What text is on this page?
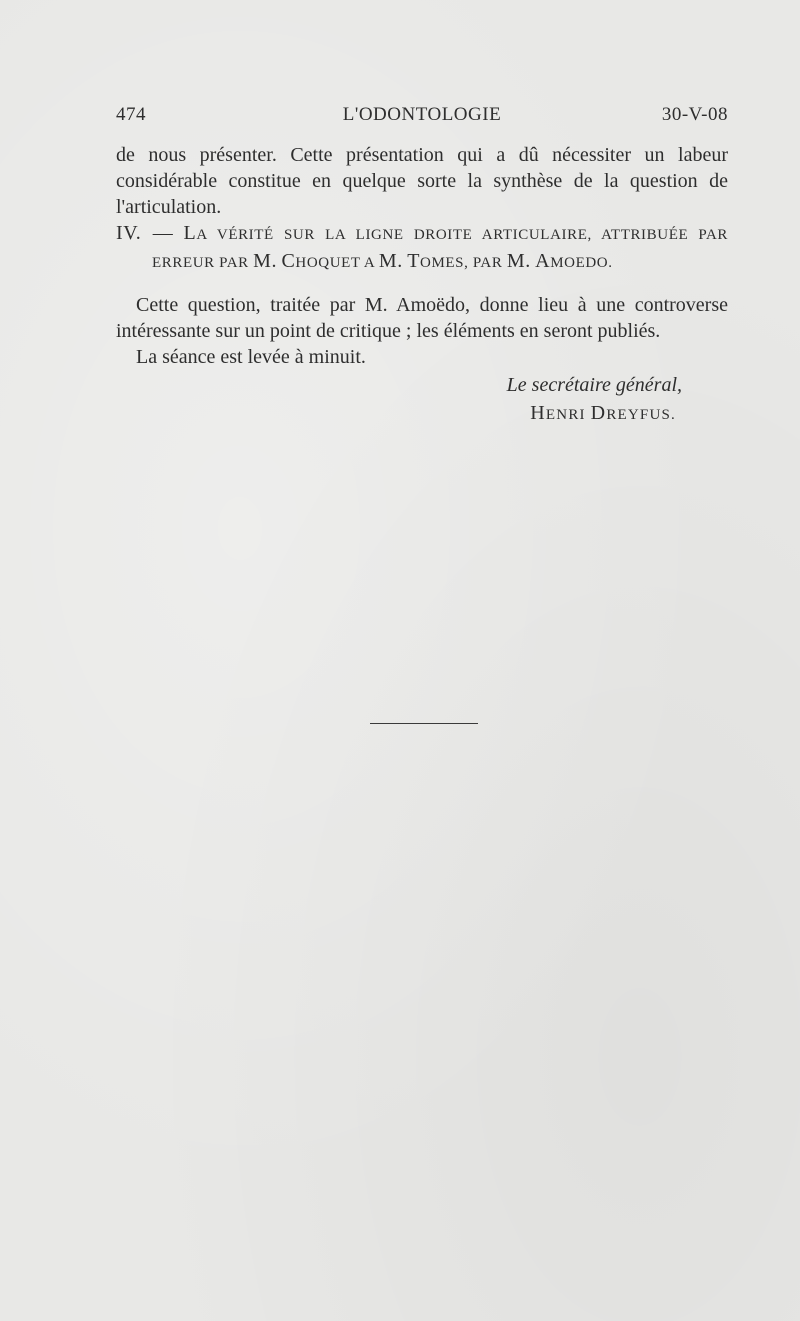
474	L'ODONTOLOGIE	30-V-08

de nous présenter. Cette présentation qui a dû nécessiter un labeur considérable constitue en quelque sorte la synthèse de la question de l'articulation.

IV. — LA VÉRITÉ SUR LA LIGNE DROITE ARTICULAIRE, ATTRIBUÉE PAR ERREUR PAR M. CHOQUET A M. TOMES, PAR M. AMOEDO.

Cette question, traitée par M. Amoëdo, donne lieu à une controverse intéressante sur un point de critique ; les éléments en seront publiés.

La séance est levée à minuit.

Le secrétaire général,
HENRI DREYFUS.
